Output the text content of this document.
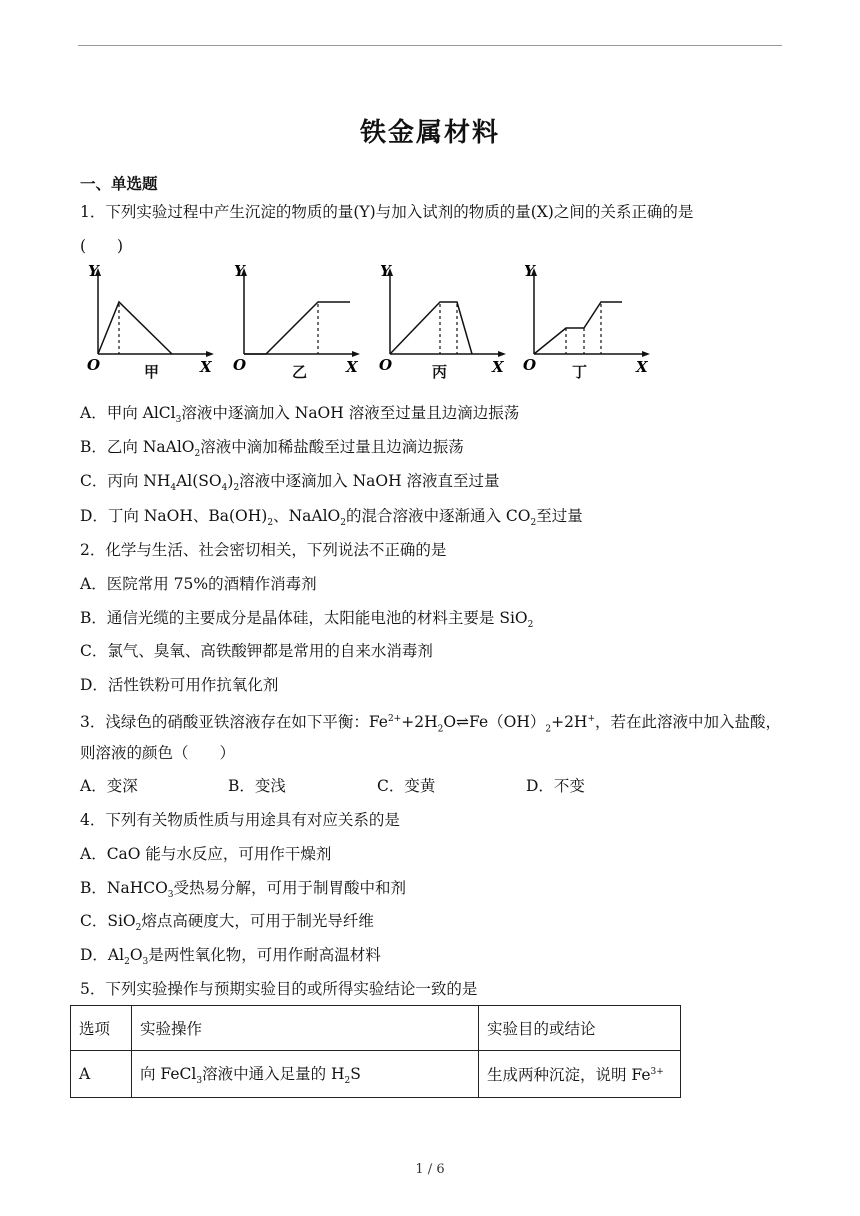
铁金属材料
一、单选题
1．下列实验过程中产生沉淀的物质的量(Y)与加入试剂的物质的量(X)之间的关系正确的是
(　　)
Y
O	X
甲
Y
O	X
乙
Y
O	X
丙
Y
O	X
丁
A．甲向 AlCl$_3$溶液中逐滴加入 NaOH 溶液至过量且边滴边振荡
B．乙向 NaAlO$_2$溶液中滴加稀盐酸至过量且边滴边振荡
C．丙向 $NH_4Al(SO_4)_2$溶液中逐滴加入 NaOH 溶液直至过量
D．丁向 NaOH、$Ba(OH)_2$、NaAlO$_2$的混合溶液中逐渐通入 $CO_2$至过量
2．化学与生活、社会密切相关，下列说法不正确的是
A．医院常用 75%的酒精作消毒剂
B．通信光缆的主要成分是晶体硅，太阳能电池的材料主要是 SiO$_2$
C．氯气、臭氧、高铁酸钾都是常用的自来水消毒剂
D．活性铁粉可用作抗氧化剂
3．浅绿色的硝酸亚铁溶液存在如下平衡：$Fe^{2+}+2H_2O\rightleftharpoons Fe(OH)_2+2H^+$，若在此溶液中加入盐酸，
则溶液的颜色（　　）
A．变深	B．变浅	C．变黄	D．不变
4．下列有关物质性质与用途具有对应关系的是
A．CaO 能与水反应，可用作干燥剂
B．NaHCO$_3$受热易分解，可用于制胃酸中和剂
C．SiO$_2$熔点高硬度大，可用于制光导纤维
D．$Al_2O_3$是两性氧化物，可用作耐高温材料
5．下列实验操作与预期实验目的或所得实验结论一致的是
选项	实验操作	实验目的或结论
A	向 FeCl$_3$溶液中通入足量的 $H_2S$	生成两种沉淀，说明 $Fe^{3+}$
1 / 6
